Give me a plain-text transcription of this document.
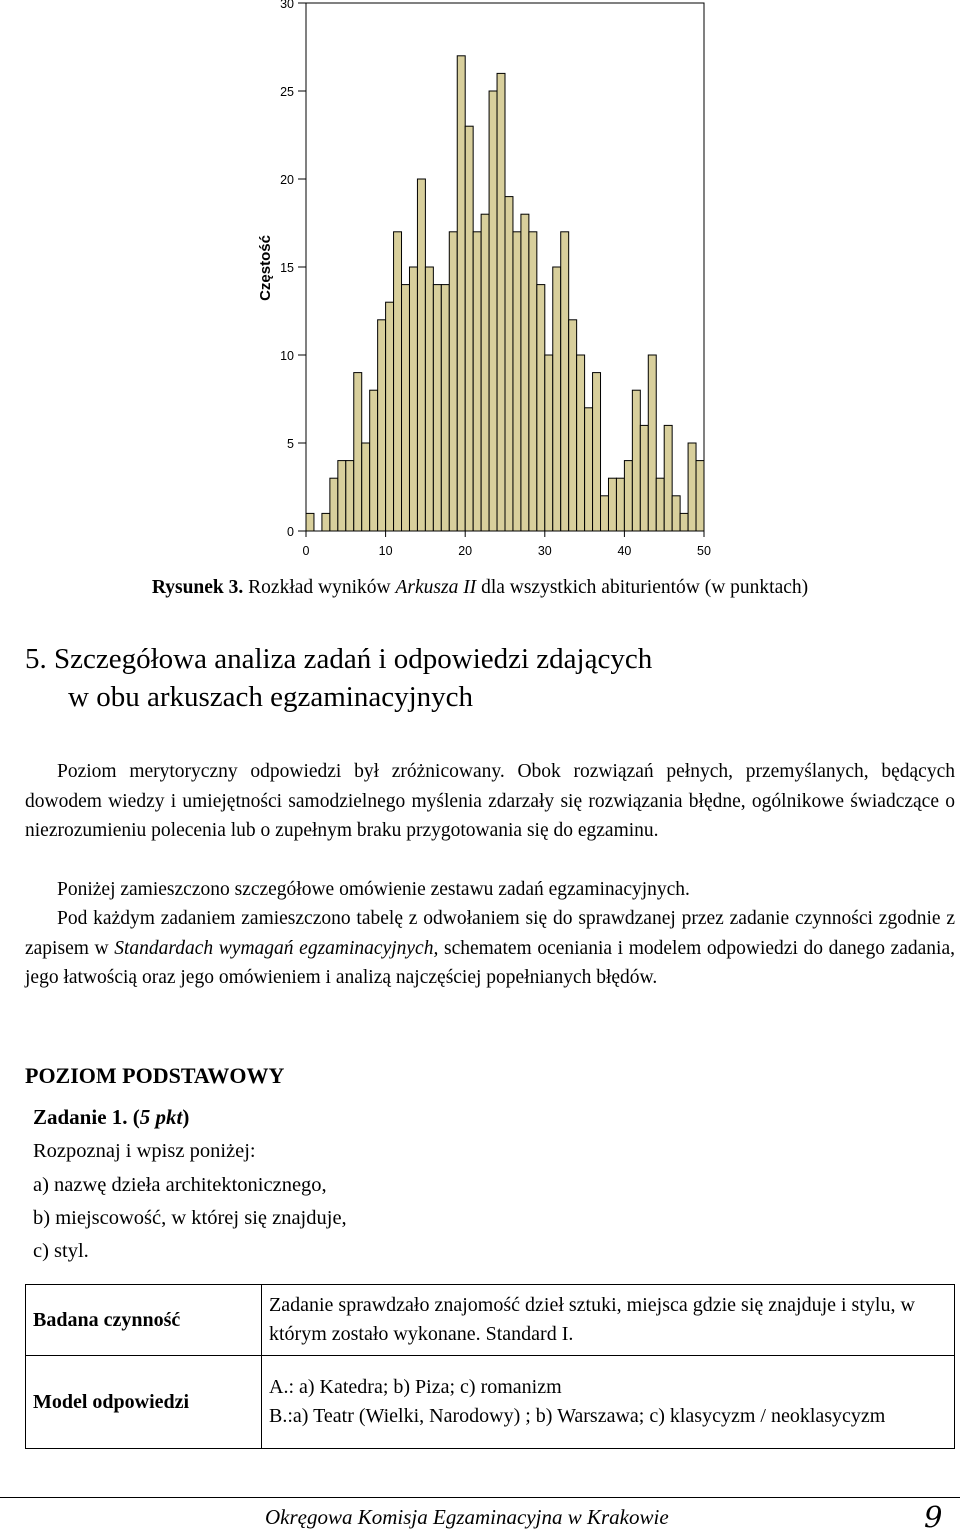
0
5
10
15
20
25
30
0	10	20	30	40	50
Częstość
Rysunek 3. Rozkład wyników Arkusza II dla wszystkich abiturientów (w punktach)
5. Szczegółowa analiza zadań i odpowiedzi zdających
w obu arkuszach egzaminacyjnych
Poziom merytoryczny odpowiedzi był zróżnicowany. Obok rozwiązań pełnych, przemyślanych, będących dowodem wiedzy i umiejętności samodzielnego myślenia zdarzały się rozwiązania błędne, ogólnikowe świadczące o niezrozumieniu polecenia lub o zupełnym braku przygotowania się do egzaminu.
Poniżej zamieszczono szczegółowe omówienie zestawu zadań egzaminacyjnych.
Pod każdym zadaniem zamieszczono tabelę z odwołaniem się do sprawdzanej przez zadanie czynności zgodnie z zapisem w Standardach wymagań egzaminacyjnych, schematem oceniania i modelem odpowiedzi do danego zadania, jego łatwością oraz jego omówieniem i analizą najczęściej popełnianych błędów.
POZIOM PODSTAWOWY
Zadanie 1. (5 pkt)
Rozpoznaj i wpisz poniżej:
a) nazwę dzieła architektonicznego,
b) miejscowość, w której się znajduje,
c) styl.
Badana czynność	Zadanie sprawdzało znajomość dzieł sztuki, miejsca gdzie się znajduje i stylu, w którym zostało wykonane. Standard I.
Model odpowiedzi	A.: a) Katedra; b) Piza; c) romanizm
B.: a) Teatr (Wielki, Narodowy) ; b) Warszawa; c) klasycyzm / neoklasycyzm
Okręgowa Komisja Egzaminacyjna w Krakowie	9
